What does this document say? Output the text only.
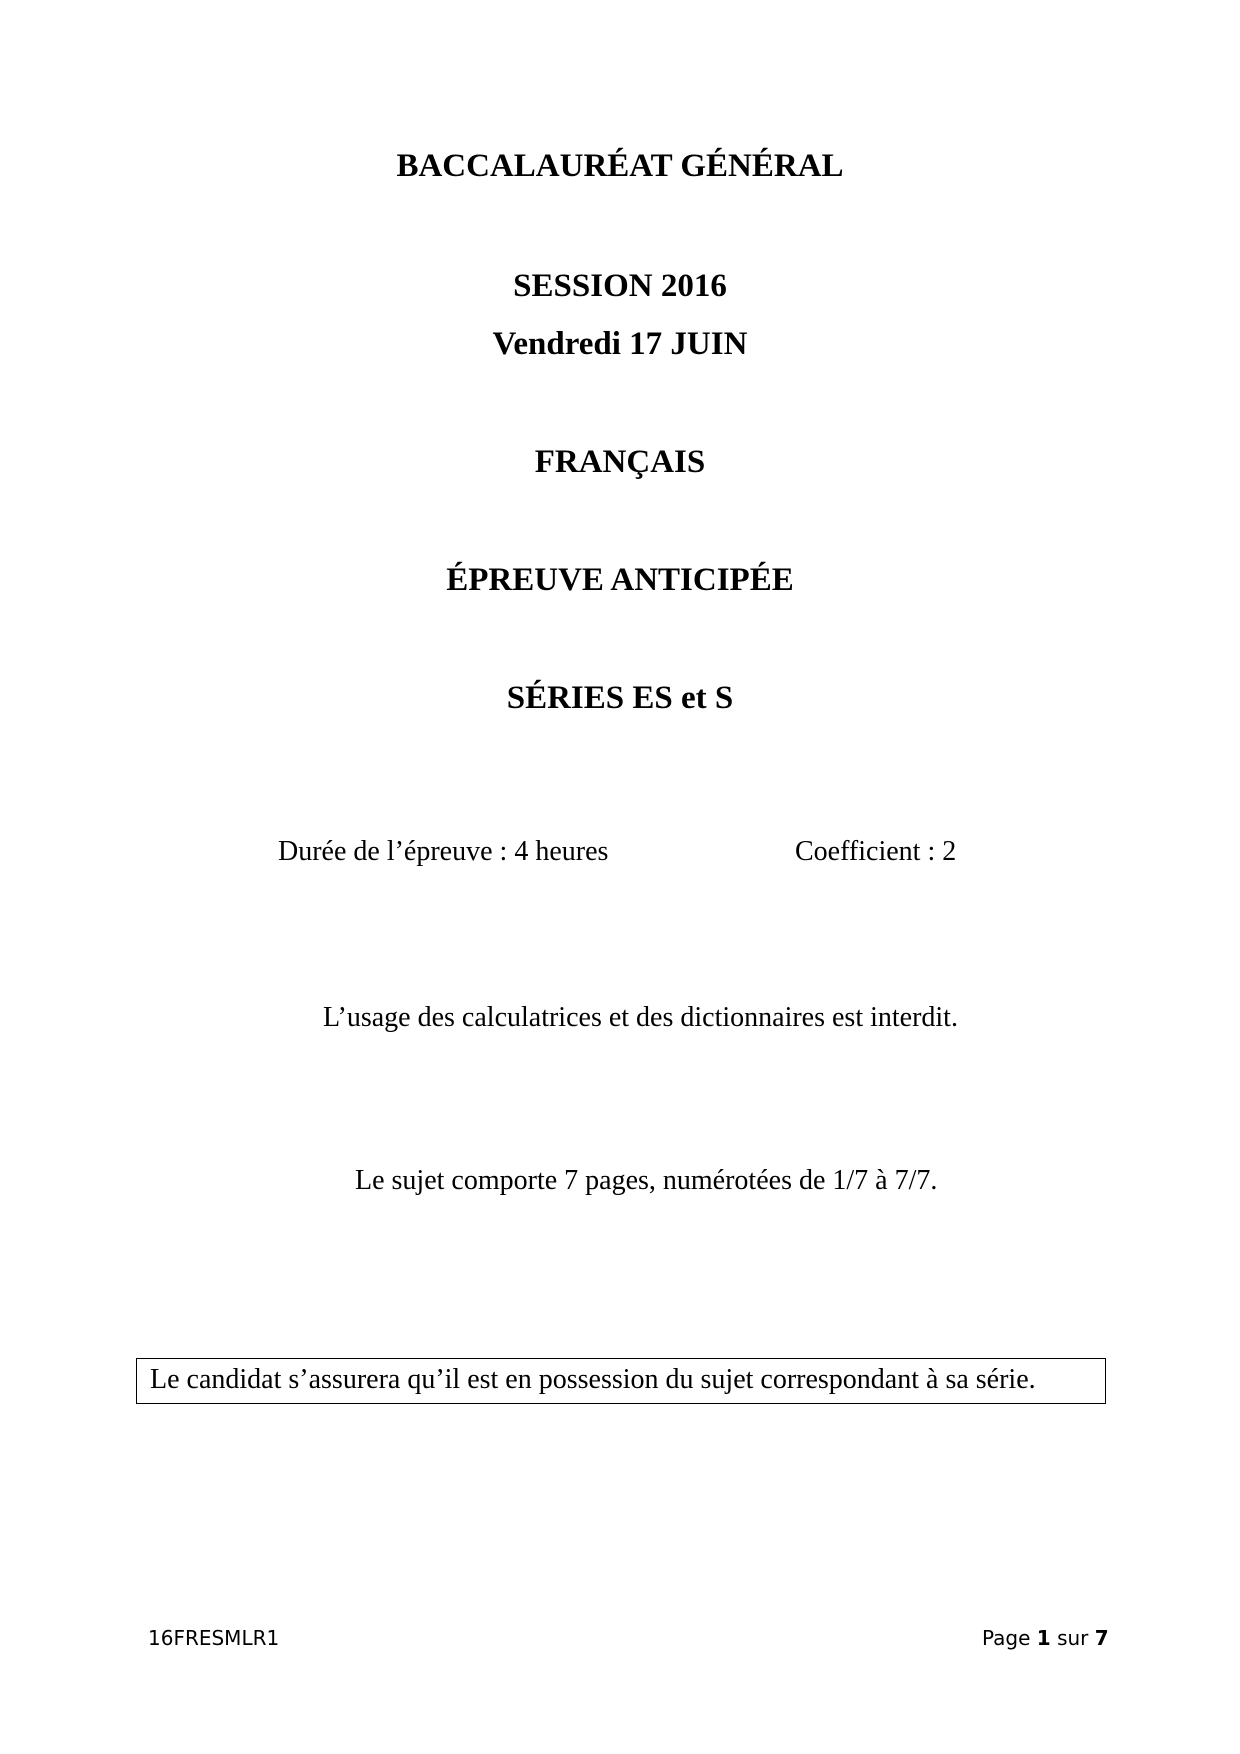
BACCALAURÉAT GÉNÉRAL
SESSION 2016
Vendredi 17 JUIN
FRANÇAIS
ÉPREUVE ANTICIPÉE
SÉRIES ES et S
Durée de l’épreuve : 4 heures	Coefficient : 2
L’usage des calculatrices et des dictionnaires est interdit.
Le sujet comporte 7 pages, numérotées de 1/7 à 7/7.
Le candidat s’assurera qu’il est en possession du sujet correspondant à sa série.
16FRESMLR1	Page 1 sur 7
